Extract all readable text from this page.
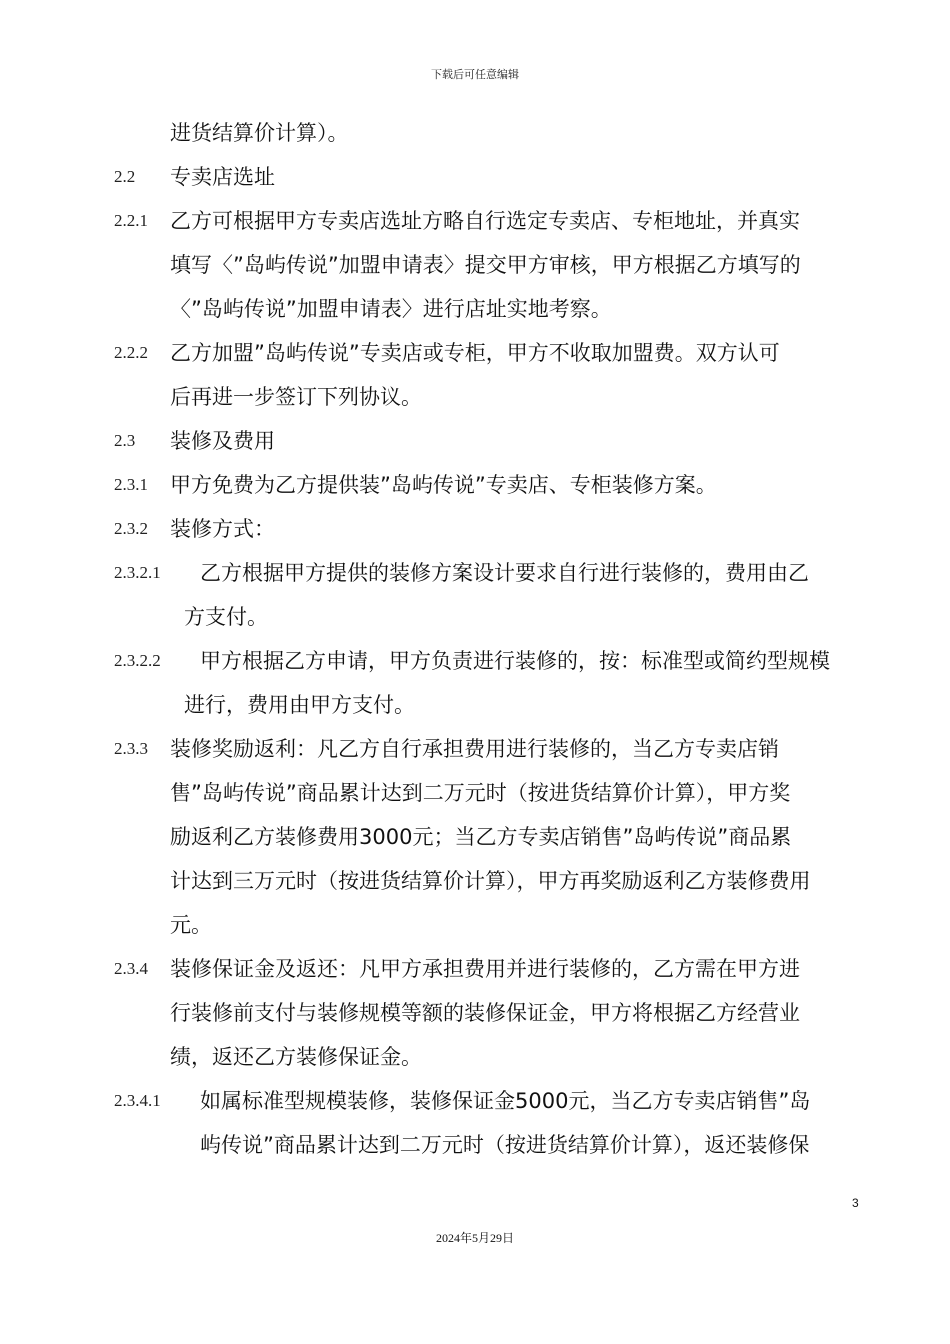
下载后可任意编辑
进货结算价计算）。
2.2 专卖店选址
2.2.1 乙方可根据甲方专卖店选址方略自行选定专卖店、专柜地址，并真实
填写〈”岛屿传说”加盟申请表〉提交甲方审核，甲方根据乙方填写的
〈”岛屿传说”加盟申请表〉进行店址实地考察。
2.2.2 乙方加盟”岛屿传说”专卖店或专柜，甲方不收取加盟费。双方认可
后再进一步签订下列协议。
2.3 装修及费用
2.3.1 甲方免费为乙方提供装”岛屿传说”专卖店、专柜装修方案。
2.3.2 装修方式：
2.3.2.1 乙方根据甲方提供的装修方案设计要求自行进行装修的，费用由乙
方支付。
2.3.2.2 甲方根据乙方申请，甲方负责进行装修的，按：标准型或简约型规模
进行，费用由甲方支付。
2.3.3 装修奖励返利：凡乙方自行承担费用进行装修的，当乙方专卖店销
售”岛屿传说”商品累计达到二万元时（按进货结算价计算），甲方奖
励返利乙方装修费用3000元；当乙方专卖店销售”岛屿传说”商品累
计达到三万元时（按进货结算价计算），甲方再奖励返利乙方装修费用
元。
2.3.4 装修保证金及返还：凡甲方承担费用并进行装修的，乙方需在甲方进
行装修前支付与装修规模等额的装修保证金，甲方将根据乙方经营业
绩，返还乙方装修保证金。
2.3.4.1 如属标准型规模装修，装修保证金5000元，当乙方专卖店销售”岛
屿传说”商品累计达到二万元时（按进货结算价计算），返还装修保
3
2024年5月29日
